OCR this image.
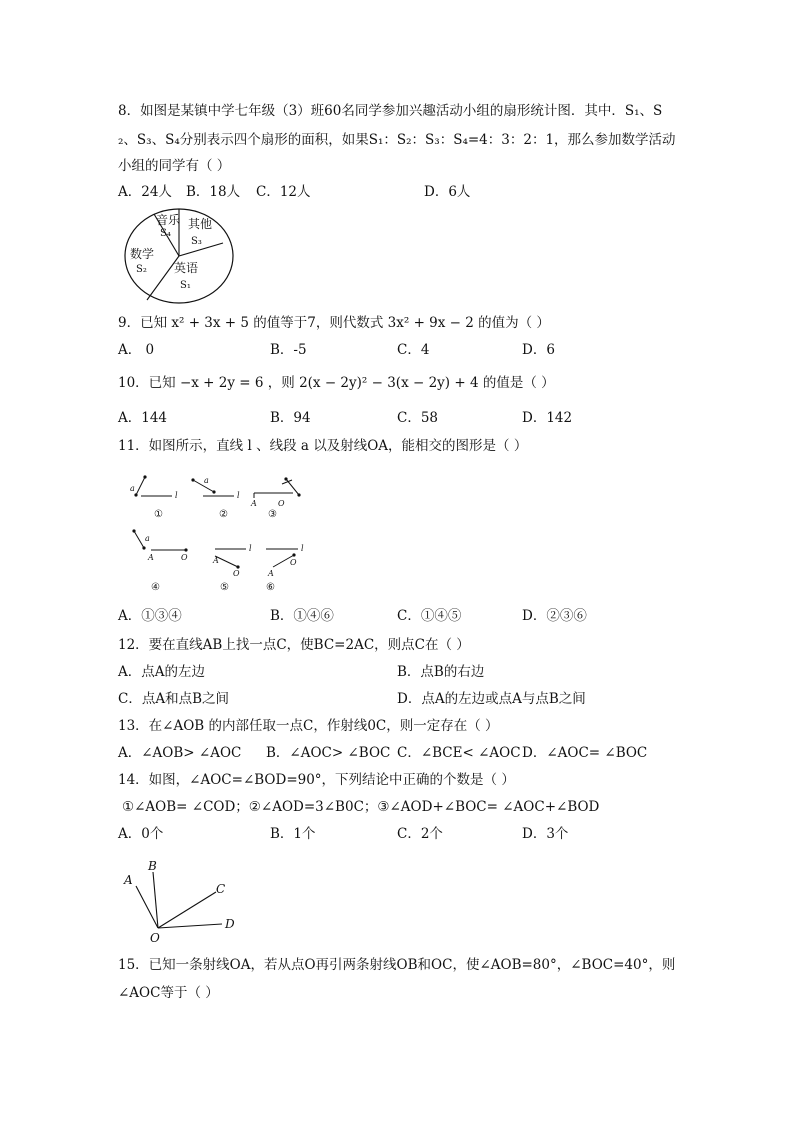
8．如图是某镇中学七年级（3）班60名同学参加兴趣活动小组的扇形统计图．其中．S₁、S
₂、S₃、S₄分别表示四个扇形的面积，如果S₁：S₂：S₃：S₄=4：3：2：1，那么参加数学活动
小组的同学有（ ）
A．24人 B．18人 C．12人	D．6人
音乐
S₄
其他
S₃
数学
S₂ 英语
S₁
9．已知 x² + 3x + 5 的值等于7，则代数式 3x² + 9x − 2 的值为（ ）
A． 0	B．-5	C．4	D．6
10．已知 −x + 2y = 6 ，则 2(x − 2y)² − 3(x − 2y) + 4 的值是（ ）
A．144	B．94	C．58	D．142
11．如图所示，直线 l 、线段 a 以及射线OA，能相交的图形是（ ）
a
l
①
a
l
②
A	O
③
a
A	O
④
l
A
O
⑤
l
A
O
⑥
A．①③④	B．①④⑥	C．①④⑤	D．②③⑥
12．要在直线AB上找一点C，使BC=2AC，则点C在（ ）
A．点A的左边	B．点B的右边
C．点A和点B之间	D．点A的左边或点A与点B之间
13．在∠AOB 的内部任取一点C，作射线0C，则一定存在（ ）
A．∠AOB> ∠AOC B．∠AOC> ∠BOC C．∠BCE< ∠AOC D．∠AOC= ∠BOC
14．如图，∠AOC=∠BOD=90°，下列结论中正确的个数是（ ）
①∠AOB= ∠COD；②∠AOD=3∠B0C；③∠AOD+∠BOC= ∠AOC+∠BOD
A．0个	B．1个	C．2个	D．3个
A
B
C
D
O
15．已知一条射线OA，若从点O再引两条射线OB和OC，使∠AOB=80°，∠BOC=40°，则
∠AOC等于（ ）
